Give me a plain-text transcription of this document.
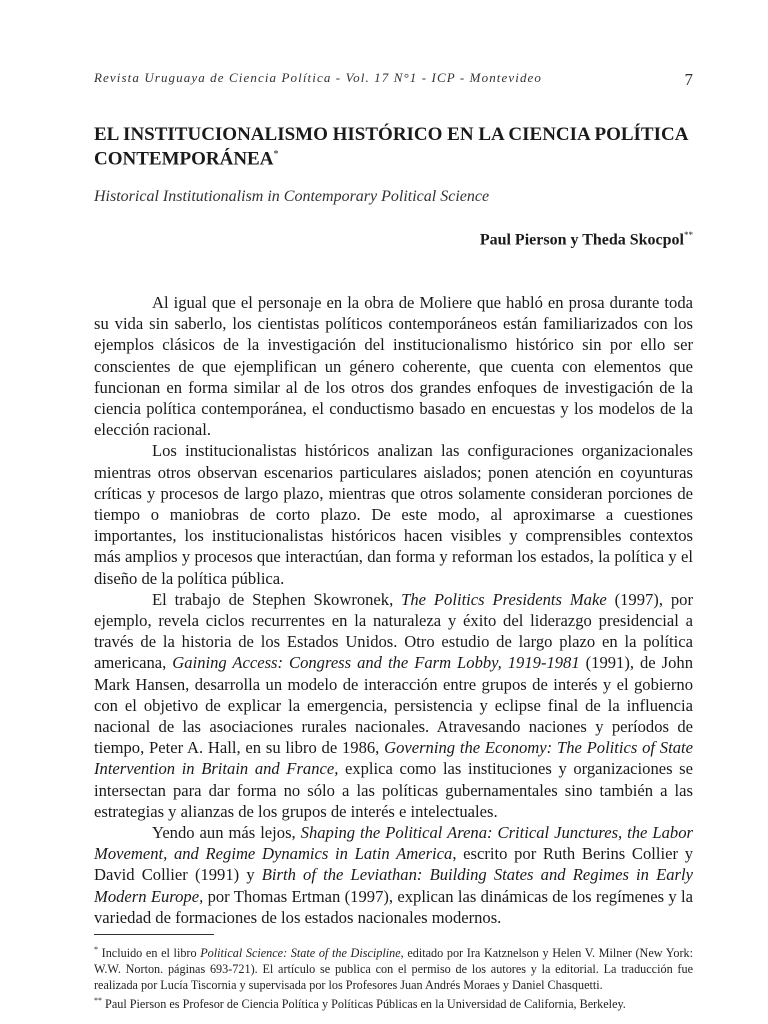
Revista Uruguaya de Ciencia Política - Vol. 17 N°1 - ICP - Montevideo	7
EL INSTITUCIONALISMO HISTÓRICO EN LA CIENCIA POLÍTICA CONTEMPORÁNEA*
Historical Institutionalism in Contemporary Political Science
Paul Pierson y Theda Skocpol**

Al igual que el personaje en la obra de Moliere que habló en prosa durante toda su vida sin saberlo, los cientistas políticos contemporáneos están familiarizados con los ejemplos clásicos de la investigación del institucionalismo histórico sin por ello ser conscientes de que ejemplifican un género coherente, que cuenta con elementos que funcionan en forma similar al de los otros dos grandes enfoques de investigación de la ciencia política contemporánea, el conductismo basado en encuestas y los modelos de la elección racional.

Los institucionalistas históricos analizan las configuraciones organizacionales mientras otros observan escenarios particulares aislados; ponen atención en coyunturas críticas y procesos de largo plazo, mientras que otros solamente consideran porciones de tiempo o maniobras de corto plazo. De este modo, al aproximarse a cuestiones importantes, los institucionalistas históricos hacen visibles y comprensibles contextos más amplios y procesos que interactúan, dan forma y reforman los estados, la política y el diseño de la política pública.

El trabajo de Stephen Skowronek, The Politics Presidents Make (1997), por ejemplo, revela ciclos recurrentes en la naturaleza y éxito del liderazgo presidencial a través de la historia de los Estados Unidos. Otro estudio de largo plazo en la política americana, Gaining Access: Congress and the Farm Lobby, 1919-1981 (1991), de John Mark Hansen, desarrolla un modelo de interacción entre grupos de interés y el gobierno con el objetivo de explicar la emergencia, persistencia y eclipse final de la influencia nacional de las asociaciones rurales nacionales. Atravesando naciones y períodos de tiempo, Peter A. Hall, en su libro de 1986, Governing the Economy: The Politics of State Intervention in Britain and France, explica como las instituciones y organizaciones se intersectan para dar forma no sólo a las políticas gubernamentales sino también a las estrategias y alianzas de los grupos de interés e intelectuales.

Yendo aun más lejos, Shaping the Political Arena: Critical Junctures, the Labor Movement, and Regime Dynamics in Latin America, escrito por Ruth Berins Collier y David Collier (1991) y Birth of the Leviathan: Building States and Regimes in Early Modern Europe, por Thomas Ertman (1997), explican las dinámicas de los regímenes y la variedad de formaciones de los estados nacionales modernos.

* Incluido en el libro Political Science: State of the Discipline, editado por Ira Katznelson y Helen V. Milner (New York: W.W. Norton. páginas 693-721). El artículo se publica con el permiso de los autores y la editorial. La traducción fue realizada por Lucía Tiscornia y supervisada por los Profesores Juan Andrés Moraes y Daniel Chasquetti.

** Paul Pierson es Profesor de Ciencia Política y Políticas Públicas en la Universidad de California, Berkeley.
